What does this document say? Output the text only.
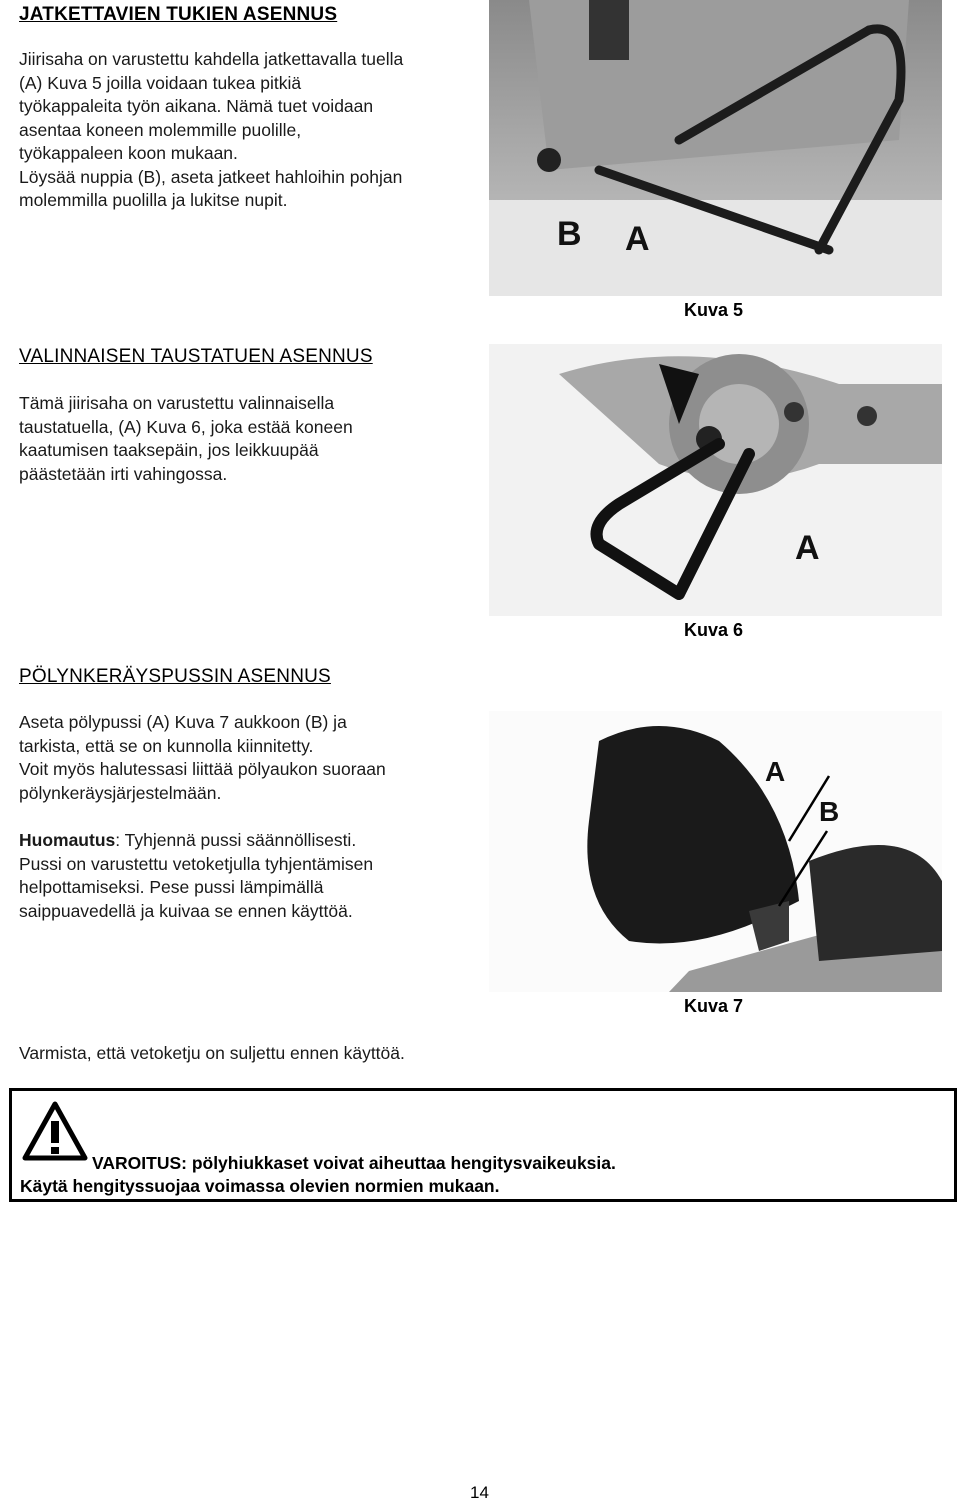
JATKETTAVIEN TUKIEN ASENNUS
Jiirisaha on varustettu kahdella jatkettavalla tuella
(A) Kuva 5 joilla voidaan tukea pitkiä
työkappaleita työn aikana. Nämä tuet voidaan
asentaa koneen molemmille puolille,
työkappaleen koon mukaan.
Löysää nuppia (B), aseta jatkeet hahloihin pohjan
molemmilla puolilla ja lukitse nupit.
B A
Kuva 5
VALINNAISEN TAUSTATUEN ASENNUS
Tämä jiirisaha on varustettu valinnaisella
taustatuella, (A) Kuva 6, joka estää koneen
kaatumisen taaksepäin, jos leikkuupää
päästetään irti vahingossa.
A
Kuva 6
PÖLYNKERÄYSPUSSIN ASENNUS
Aseta pölypussi (A) Kuva 7 aukkoon (B) ja
tarkista, että se on kunnolla kiinnitetty.
Voit myös halutessasi liittää pölyaukon suoraan
pölynkeräysjärjestelmään.
Huomautus: Tyhjennä pussi säännöllisesti.
Pussi on varustettu vetoketjulla tyhjentämisen
helpottamiseksi. Pese pussi lämpimällä
saippuavedellä ja kuivaa se ennen käyttöä.
A
B
Kuva 7
Varmista, että vetoketju on suljettu ennen käyttöä.
VAROITUS: pölyhiukkaset voivat aiheuttaa hengitysvaikeuksia.
Käytä hengityssuojaa voimassa olevien normien mukaan.
14
